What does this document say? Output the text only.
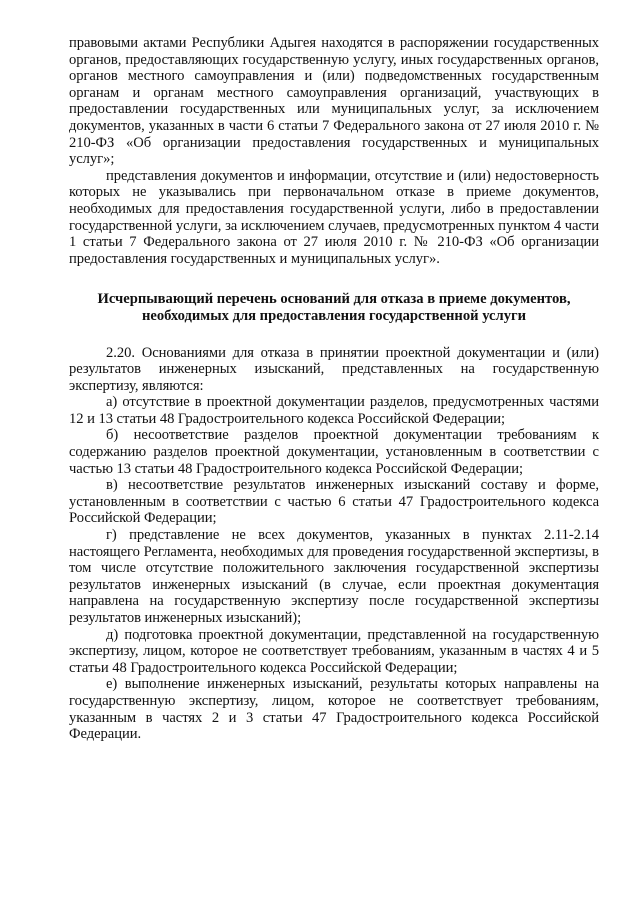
правовыми актами Республики Адыгея находятся в распоряжении государственных органов, предоставляющих государственную услугу, иных государственных органов, органов местного самоуправления и (или) подведомственных государственным органам и органам местного самоуправления организаций, участвующих в предоставлении государственных или муниципальных услуг, за исключением документов, указанных в части 6 статьи 7 Федерального закона от 27 июля 2010 г. № 210-ФЗ «Об организации предоставления государственных и муниципальных услуг»;

представления документов и информации, отсутствие и (или) недостоверность которых не указывались при первоначальном отказе в приеме документов, необходимых для предоставления государственной услуги, либо в предоставлении государственной услуги, за исключением случаев, предусмотренных пунктом 4 части 1 статьи 7 Федерального закона от 27 июля 2010 г. № 210-ФЗ «Об организации предоставления государственных и муниципальных услуг».

Исчерпывающий перечень оснований для отказа в приеме документов, необходимых для предоставления государственной услуги

2.20. Основаниями для отказа в принятии проектной документации и (или) результатов инженерных изысканий, представленных на государственную экспертизу, являются:

а) отсутствие в проектной документации разделов, предусмотренных частями 12 и 13 статьи 48 Градостроительного кодекса Российской Федерации;

б) несоответствие разделов проектной документации требованиям к содержанию разделов проектной документации, установленным в соответствии с частью 13 статьи 48 Градостроительного кодекса Российской Федерации;

в) несоответствие результатов инженерных изысканий составу и форме, установленным в соответствии с частью 6 статьи 47 Градостроительного кодекса Российской Федерации;

г) представление не всех документов, указанных в пунктах 2.11-2.14 настоящего Регламента, необходимых для проведения государственной экспертизы, в том числе отсутствие положительного заключения государственной экспертизы результатов инженерных изысканий (в случае, если проектная документация направлена на государственную экспертизу после государственной экспертизы результатов инженерных изысканий);

д) подготовка проектной документации, представленной на государственную экспертизу, лицом, которое не соответствует требованиям, указанным в частях 4 и 5 статьи 48 Градостроительного кодекса Российской Федерации;

е) выполнение инженерных изысканий, результаты которых направлены на государственную экспертизу, лицом, которое не соответствует требованиям, указанным в частях 2 и 3 статьи 47 Градостроительного кодекса Российской Федерации.
